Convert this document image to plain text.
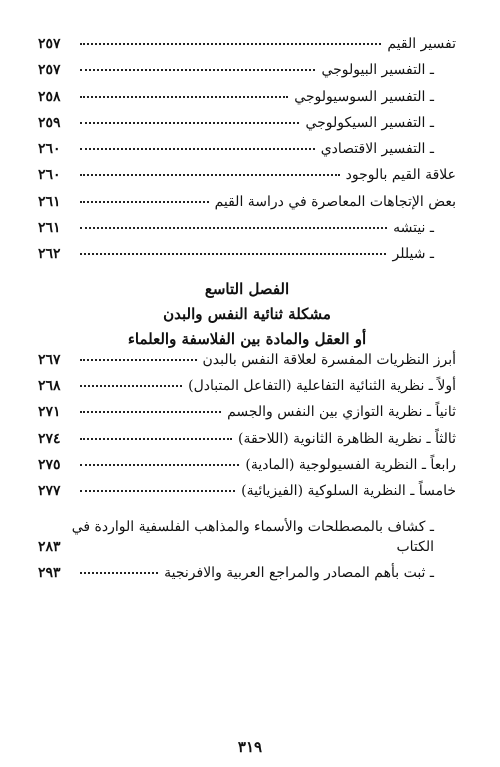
تفسير القيم
٢٥٧
ـ التفسير البيولوجي
٢٥٧
ـ التفسير السوسيولوجي
٢٥٨
ـ التفسير السيكولوجي
٢٥٩
ـ التفسير الاقتصادي
٢٦٠
علاقة القيم بالوجود
٢٦٠
بعض الإتجاهات المعاصرة في دراسة القيم
٢٦١
ـ نيتشه
٢٦١
ـ شيللر
٢٦٢
الفصل التاسع
مشكلة ثنائية النفس والبدن
أو العقل والمادة بين الفلاسفة والعلماء
أبرز النظريات المفسرة لعلاقة النفس بالبدن
٢٦٧
أولاً ـ نظرية الثنائية التفاعلية (التفاعل المتبادل)
٢٦٨
ثانياً ـ نظرية التوازي بين النفس والجسم
٢٧١
ثالثاً ـ نظرية الظاهرة الثانوية (اللاحقة)
٢٧٤
رابعاً ـ النظرية الفسيولوجية (المادية)
٢٧٥
خامساً ـ النظرية السلوكية (الفيزيائية)
٢٧٧
ـ كشاف بالمصطلحات والأسماء والمذاهب الفلسفية الواردة في
الكتاب
٢٨٣
ـ ثبت بأهم المصادر والمراجع العربية والافرنجية
٢٩٣
٣١٩
